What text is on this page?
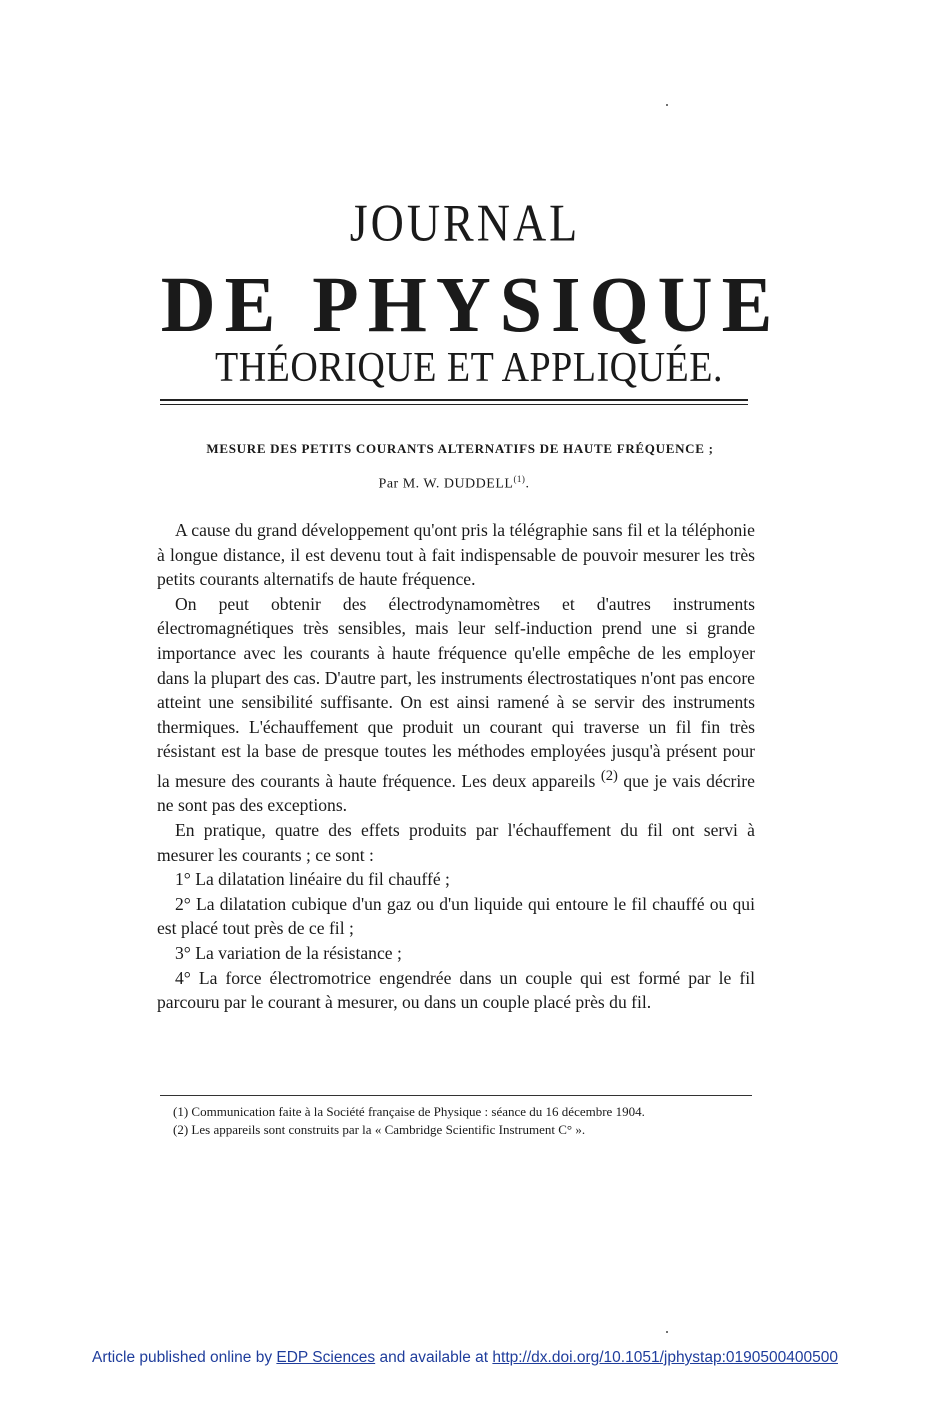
JOURNAL
DE PHYSIQUE
THÉORIQUE ET APPLIQUÉE.
MESURE DES PETITS COURANTS ALTERNATIFS DE HAUTE FRÉQUENCE ;
Par M. W. DUDDELL$^{(1)}$.

A cause du grand développement qu'ont pris la télégraphie sans fil et la téléphonie à longue distance, il est devenu tout à fait indispensable de pouvoir mesurer les très petits courants alternatifs de haute fréquence.

On peut obtenir des électrodynamomètres et d'autres instruments électromagnétiques très sensibles, mais leur self-induction prend une si grande importance avec les courants à haute fréquence qu'elle empêche de les employer dans la plupart des cas. D'autre part, les instruments électrostatiques n'ont pas encore atteint une sensibilité suffisante. On est ainsi ramené à se servir des instruments thermiques. L'échauffement que produit un courant qui traverse un fil fin très résistant est la base de presque toutes les méthodes employées jusqu'à présent pour la mesure des courants à haute fréquence. Les deux appareils $^{(2)}$ que je vais décrire ne sont pas des exceptions.

En pratique, quatre des effets produits par l'échauffement du fil ont servi à mesurer les courants ; ce sont :

1° La dilatation linéaire du fil chauffé ;

2° La dilatation cubique d'un gaz ou d'un liquide qui entoure le fil chauffé ou qui est placé tout près de ce fil ;

3° La variation de la résistance ;

4° La force électromotrice engendrée dans un couple qui est formé par le fil parcouru par le courant à mesurer, ou dans un couple placé près du fil.

(1) Communication faite à la Société française de Physique : séance du 16 décembre 1904.

(2) Les appareils sont construits par la « Cambridge Scientific Instrument C° ».

Article published online by EDP Sciences and available at http://dx.doi.org/10.1051/jphystap:0190500400500
